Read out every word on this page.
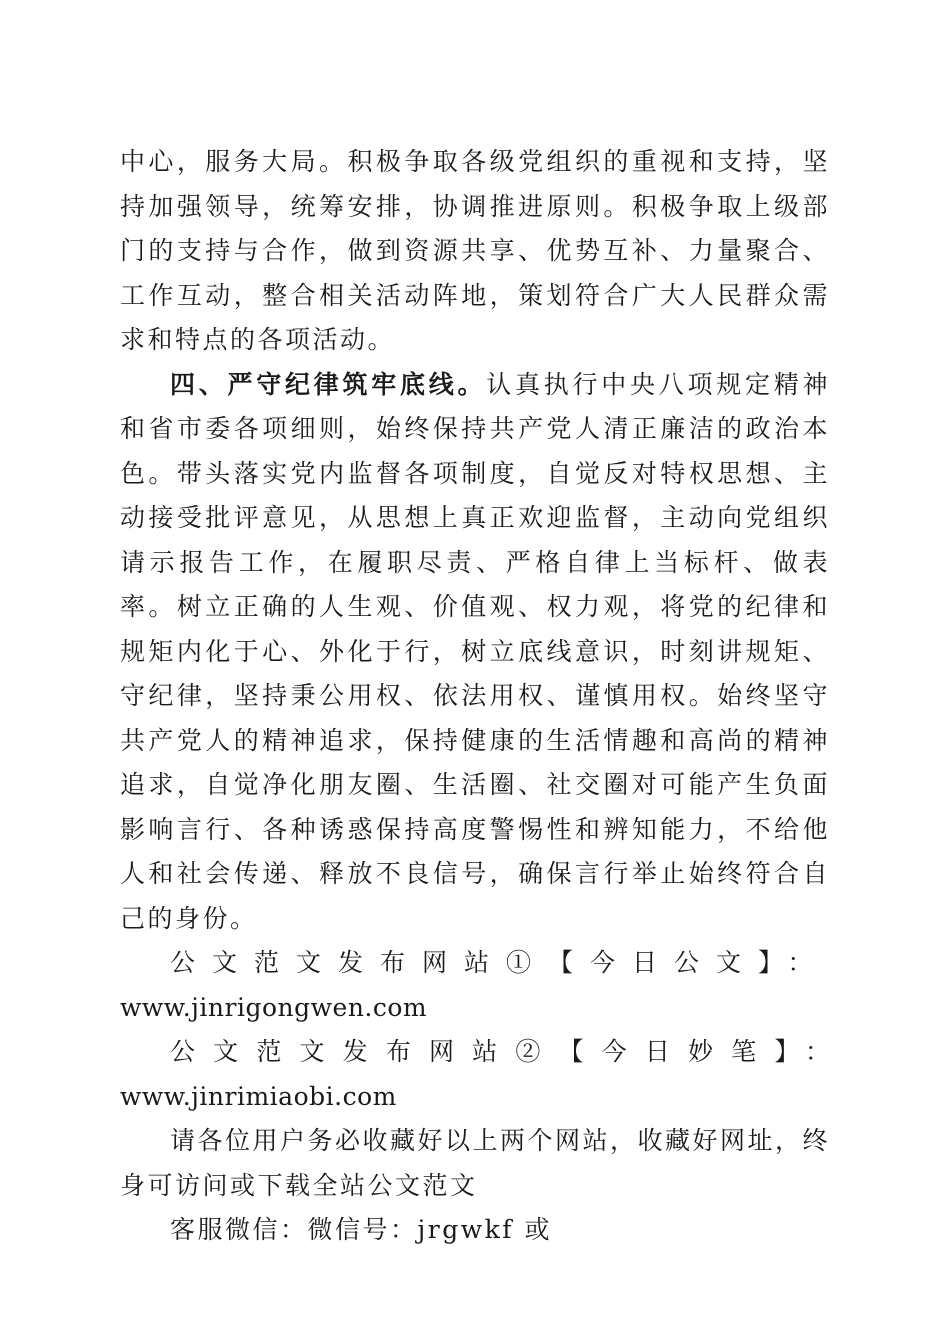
中心，服务大局。积极争取各级党组织的重视和支持，坚持加强领导，统筹安排，协调推进原则。积极争取上级部门的支持与合作，做到资源共享、优势互补、力量聚合、工作互动，整合相关活动阵地，策划符合广大人民群众需求和特点的各项活动。

四、严守纪律筑牢底线。认真执行中央八项规定精神和省市委各项细则，始终保持共产党人清正廉洁的政治本色。带头落实党内监督各项制度，自觉反对特权思想、主动接受批评意见，从思想上真正欢迎监督，主动向党组织请示报告工作，在履职尽责、严格自律上当标杆、做表率。树立正确的人生观、价值观、权力观，将党的纪律和规矩内化于心、外化于行，树立底线意识，时刻讲规矩、守纪律，坚持秉公用权、依法用权、谨慎用权。始终坚守共产党人的精神追求，保持健康的生活情趣和高尚的精神追求，自觉净化朋友圈、生活圈、社交圈对可能产生负面影响言行、各种诱惑保持高度警惕性和辨知能力，不给他人和社会传递、释放不良信号，确保言行举止始终符合自己的身份。

公文范文发布网站①【今日公文】：

www.jinrigongwen.com

公文范文发布网站②【今日妙笔】：www.jinrimiaobi.com

请各位用户务必收藏好以上两个网站，收藏好网址，终身可访问或下载全站公文范文

客服微信：微信号：jrgwkf 或
